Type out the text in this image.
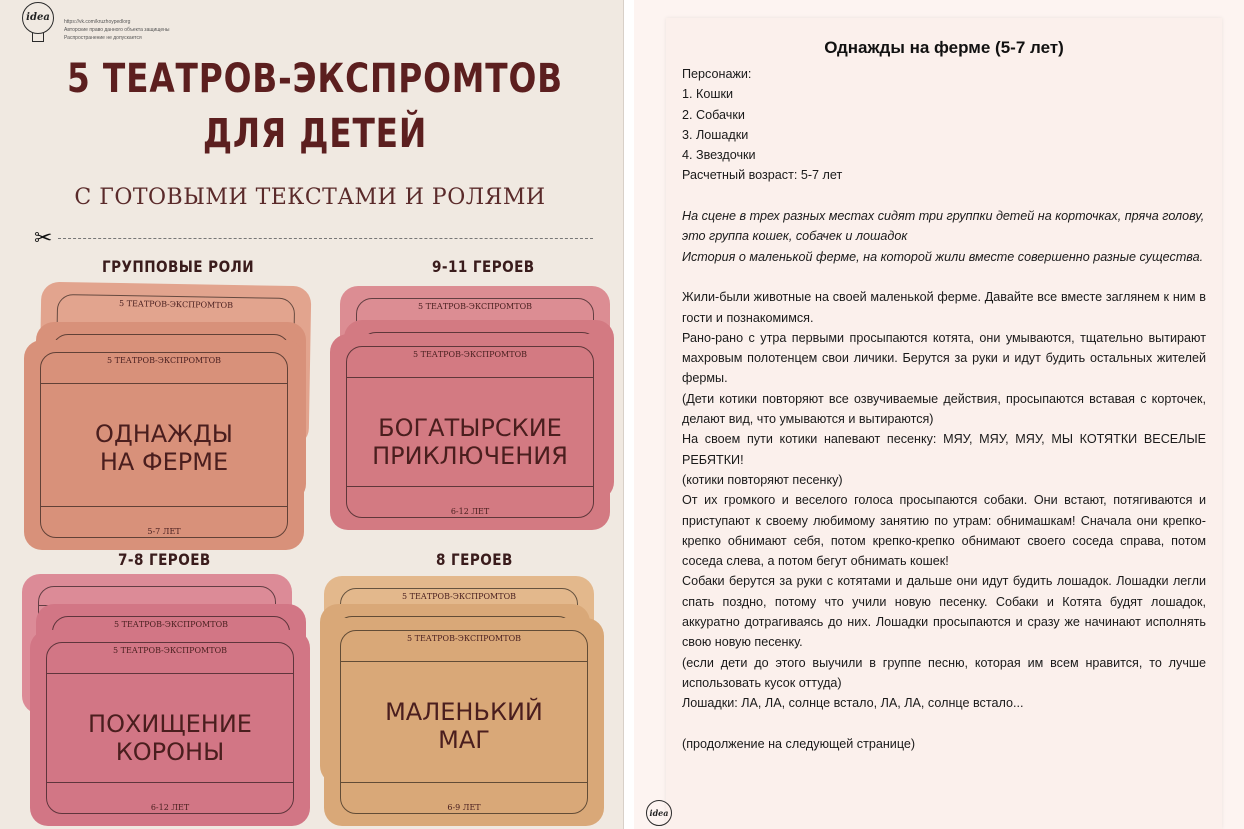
idea	https://vk.com/kruzhoypedlorg
Авторские право данного объекта защищены
Распространение не допускается
5 ТЕАТРОВ-ЭКСПРОМТОВ
ДЛЯ ДЕТЕЙ
С ГОТОВЫМИ ТЕКСТАМИ И РОЛЯМИ
✂
ГРУППОВЫЕ РОЛИ
5 ТЕАТРОВ-ЭКСПРОМТОВ
5 ТЕАТРОВ-ЭКСПРОМТОВ
ОДНАЖДЫ
НА ФЕРМЕ
5-7 ЛЕТ
9-11 ГЕРОЕВ
5 ТЕАТРОВ-ЭКСПРОМТОВ
5 ТЕАТРОВ-ЭКСПРОМТОВ
БОГАТЫРСКИЕ
ПРИКЛЮЧЕНИЯ
6-12 ЛЕТ
7-8 ГЕРОЕВ
5 ТЕАТРОВ-ЭКСПРОМТОВ
5 ТЕАТРОВ-ЭКСПРОМТОВ
ПОХИЩЕНИЕ
КОРОНЫ
6-12 ЛЕТ
8 ГЕРОЕВ
5 ТЕАТРОВ-ЭКСПРОМТОВ
5 ТЕАТРОВ-ЭКСПРОМТОВ
МАЛЕНЬКИЙ
МАГ
6-9 ЛЕТ
Однажды на ферме (5-7 лет)

Персонажи:

1. Кошки

2. Собачки

3. Лошадки

4. Звездочки

Расчетный возраст: 5-7 лет

На сцене в трех разных местах сидят три группки детей на корточках, пряча голову, это группа кошек, собачек и лошадок

История о маленькой ферме, на которой жили вместе совершенно разные существа.

Жили-были животные на своей маленькой ферме. Давайте все вместе заглянем к ним в гости и познакомимся.

Рано-рано с утра первыми просыпаются котята, они умываются, тщательно вытирают махровым полотенцем свои личики. Берутся за руки и идут будить остальных жителей фермы.

(Дети котики повторяют все озвучиваемые действия, просыпаются вставая с корточек, делают вид, что умываются и вытираются)

На своем пути котики напевают песенку: МЯУ, МЯУ, МЯУ, МЫ КОТЯТКИ ВЕСЕЛЫЕ РЕБЯТКИ!

(котики повторяют песенку)

От их громкого и веселого голоса просыпаются собаки. Они встают, потягиваются и приступают к своему любимому занятию по утрам: обнимашкам! Сначала они крепко-крепко обнимают себя, потом крепко-крепко обнимают своего соседа справа, потом соседа слева, а потом бегут обнимать кошек!

Собаки берутся за руки с котятами и дальше они идут будить лошадок. Лошадки легли спать поздно, потому что учили новую песенку. Собаки и Котята будят лошадок, аккуратно дотрагиваясь до них. Лошадки просыпаются и сразу же начинают исполнять свою новую песенку.

(если дети до этого выучили в группе песню, которая им всем нравится, то лучше использовать кусок оттуда)

Лошадки: ЛА, ЛА, солнце встало, ЛА, ЛА, солнце встало...

(продолжение на следующей странице)

idea
